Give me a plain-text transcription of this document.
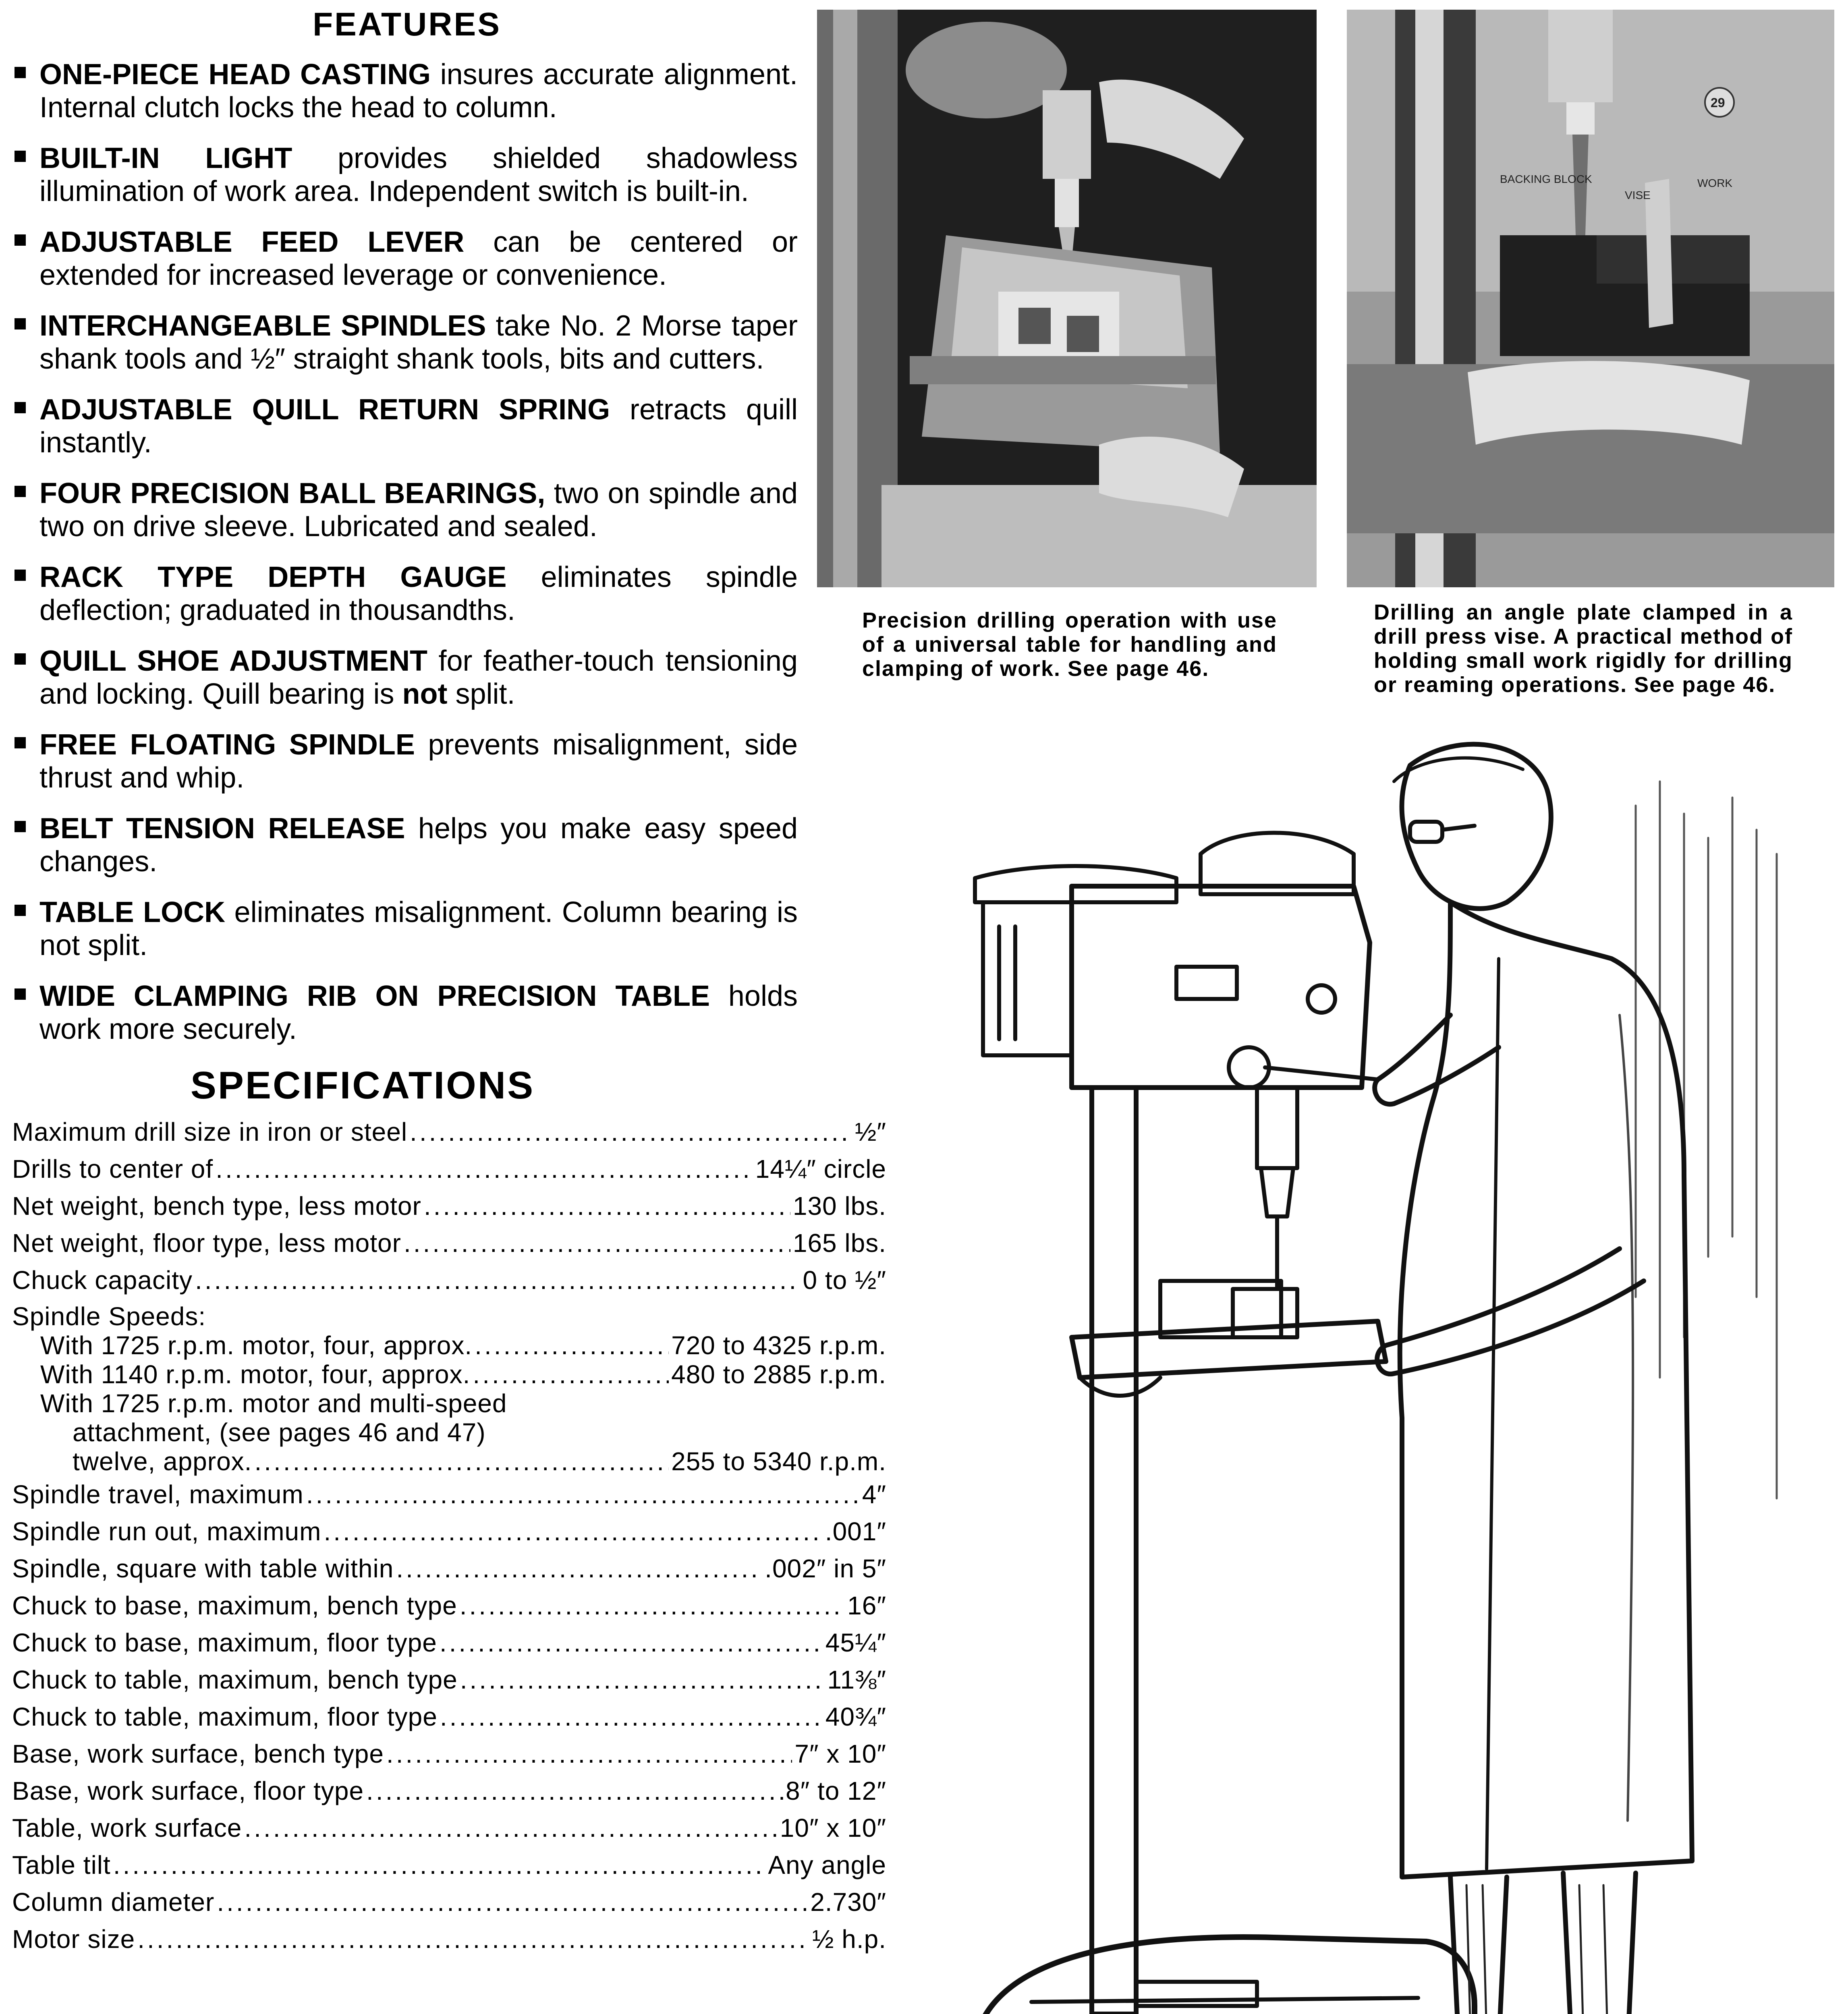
FEATURES
ONE-PIECE HEAD CASTING insures accurate alignment. Internal clutch locks the head to column.
BUILT-IN LIGHT provides shielded shadowless illumination of work area. Independent switch is built-in.
ADJUSTABLE FEED LEVER can be centered or extended for increased leverage or convenience.
INTERCHANGEABLE SPINDLES take No. 2 Morse taper shank tools and ½″ straight shank tools, bits and cutters.
ADJUSTABLE QUILL RETURN SPRING retracts quill instantly.
FOUR PRECISION BALL BEARINGS, two on spindle and two on drive sleeve. Lubricated and sealed.
RACK TYPE DEPTH GAUGE eliminates spindle deflection; graduated in thousandths.
QUILL SHOE ADJUSTMENT for feather-touch tensioning and locking. Quill bearing is not split.
FREE FLOATING SPINDLE prevents misalignment, side thrust and whip.
BELT TENSION RELEASE helps you make easy speed changes.
TABLE LOCK eliminates misalignment. Column bearing is not split.
WIDE CLAMPING RIB ON PRECISION TABLE holds work more securely.
SPECIFICATIONS
Maximum drill size in iron or steel .....	½″
Drills to center of .....	14¼″ circle
Net weight, bench type, less motor .....	130 lbs.
Net weight, floor type, less motor .....	165 lbs.
Chuck capacity .....	0 to ½″
Spindle Speeds:
With 1725 r.p.m. motor, four, approx. .....	720 to 4325 r.p.m.
With 1140 r.p.m. motor, four, approx. .....	480 to 2885 r.p.m.
With 1725 r.p.m. motor and multi-speed
attachment, (see pages 46 and 47)
twelve, approx. .....	255 to 5340 r.p.m.
Spindle travel, maximum .....	4″
Spindle run out, maximum .....	.001″
Spindle, square with table within .....	.002″ in 5″
Chuck to base, maximum, bench type .....	16″
Chuck to base, maximum, floor type .....	45¼″
Chuck to table, maximum, bench type .....	11⅜″
Chuck to table, maximum, floor type .....	40¾″
Base, work surface, bench type .....	7″ x 10″
Base, work surface, floor type .....	8″ to 12″
Table, work surface .....	10″ x 10″
Table tilt .....	Any angle
Column diameter .....	2.730″
Motor size .....	½ h.p.
BACKING BLOCK
VISE
WORK
29
Precision drilling operation with use of a universal table for handling and clamping of work. See page 46.
Drilling an angle plate clamped in a drill press vise. A practical method of holding small work rigidly for drilling or reaming operations. See page 46.
